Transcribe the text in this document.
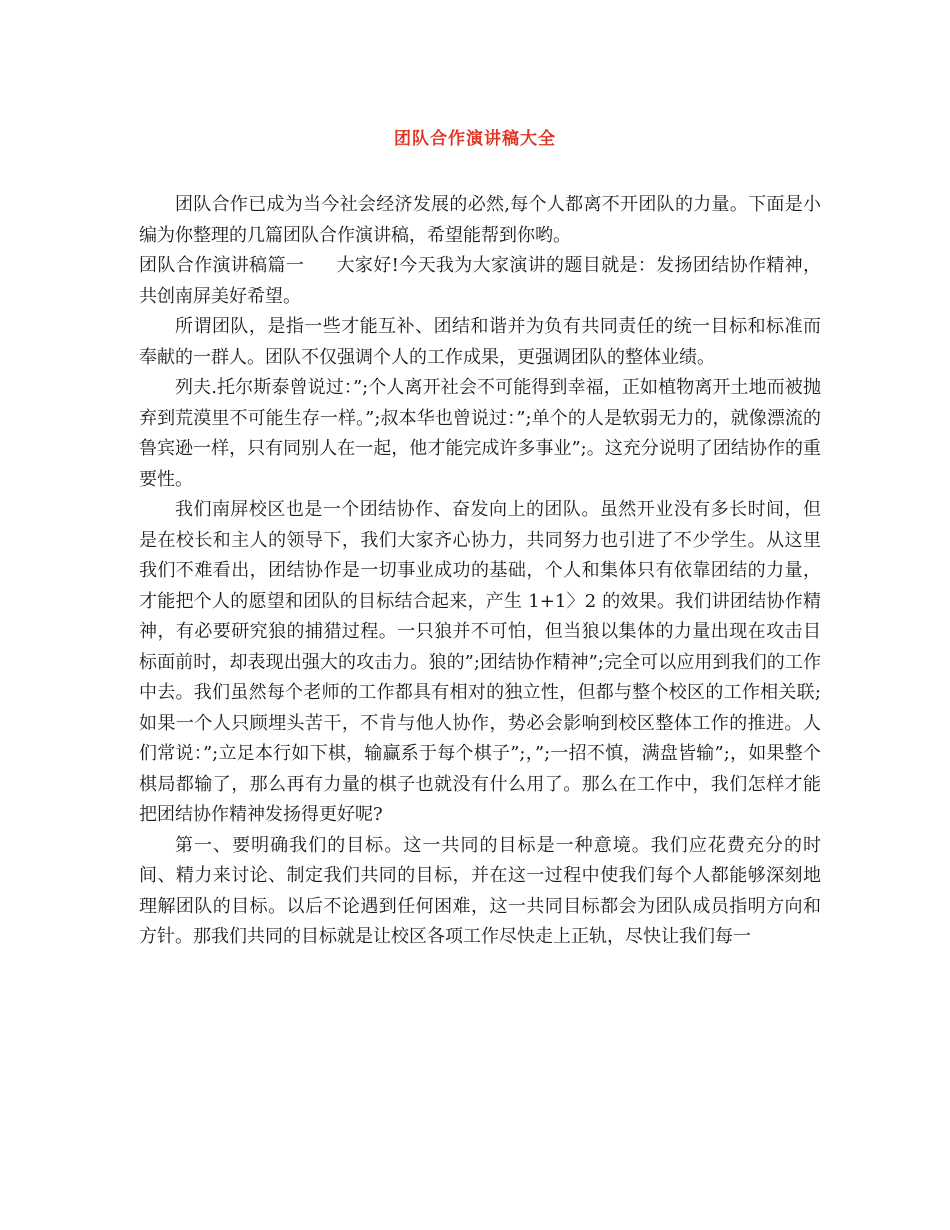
团队合作演讲稿大全

团队合作已成为当今社会经济发展的必然,每个人都离不开团队的力量。下面是小编为你整理的几篇团队合作演讲稿，希望能帮到你哟。

团队合作演讲稿篇一 大家好!今天我为大家演讲的题目就是：发扬团结协作精神，共创南屏美好希望。

所谓团队，是指一些才能互补、团结和谐并为负有共同责任的统一目标和标准而奉献的一群人。团队不仅强调个人的工作成果，更强调团队的整体业绩。

列夫.托尔斯泰曾说过：”;个人离开社会不可能得到幸福，正如植物离开土地而被抛弃到荒漠里不可能生存一样。”;叔本华也曾说过：”;单个的人是软弱无力的，就像漂流的鲁宾逊一样，只有同别人在一起，他才能完成许多事业”;。这充分说明了团结协作的重要性。

我们南屏校区也是一个团结协作、奋发向上的团队。虽然开业没有多长时间，但是在校长和主人的领导下，我们大家齐心协力，共同努力也引进了不少学生。从这里我们不难看出，团结协作是一切事业成功的基础，个人和集体只有依靠团结的力量，才能把个人的愿望和团队的目标结合起来，产生 1+1〉2 的效果。我们讲团结协作精神，有必要研究狼的捕猎过程。一只狼并不可怕，但当狼以集体的力量出现在攻击目标面前时，却表现出强大的攻击力。狼的”;团结协作精神”;完全可以应用到我们的工作中去。我们虽然每个老师的工作都具有相对的独立性，但都与整个校区的工作相关联;如果一个人只顾埋头苦干，不肯与他人协作，势必会影响到校区整体工作的推进。人们常说：”;立足本行如下棋，输赢系于每个棋子”;，”;一招不慎，满盘皆输”;，如果整个棋局都输了，那么再有力量的棋子也就没有什么用了。那么在工作中，我们怎样才能把团结协作精神发扬得更好呢?

第一、要明确我们的目标。这一共同的目标是一种意境。我们应花费充分的时间、精力来讨论、制定我们共同的目标，并在这一过程中使我们每个人都能够深刻地理解团队的目标。以后不论遇到任何困难，这一共同目标都会为团队成员指明方向和方针。那我们共同的目标就是让校区各项工作尽快走上正轨，尽快让我们每一
